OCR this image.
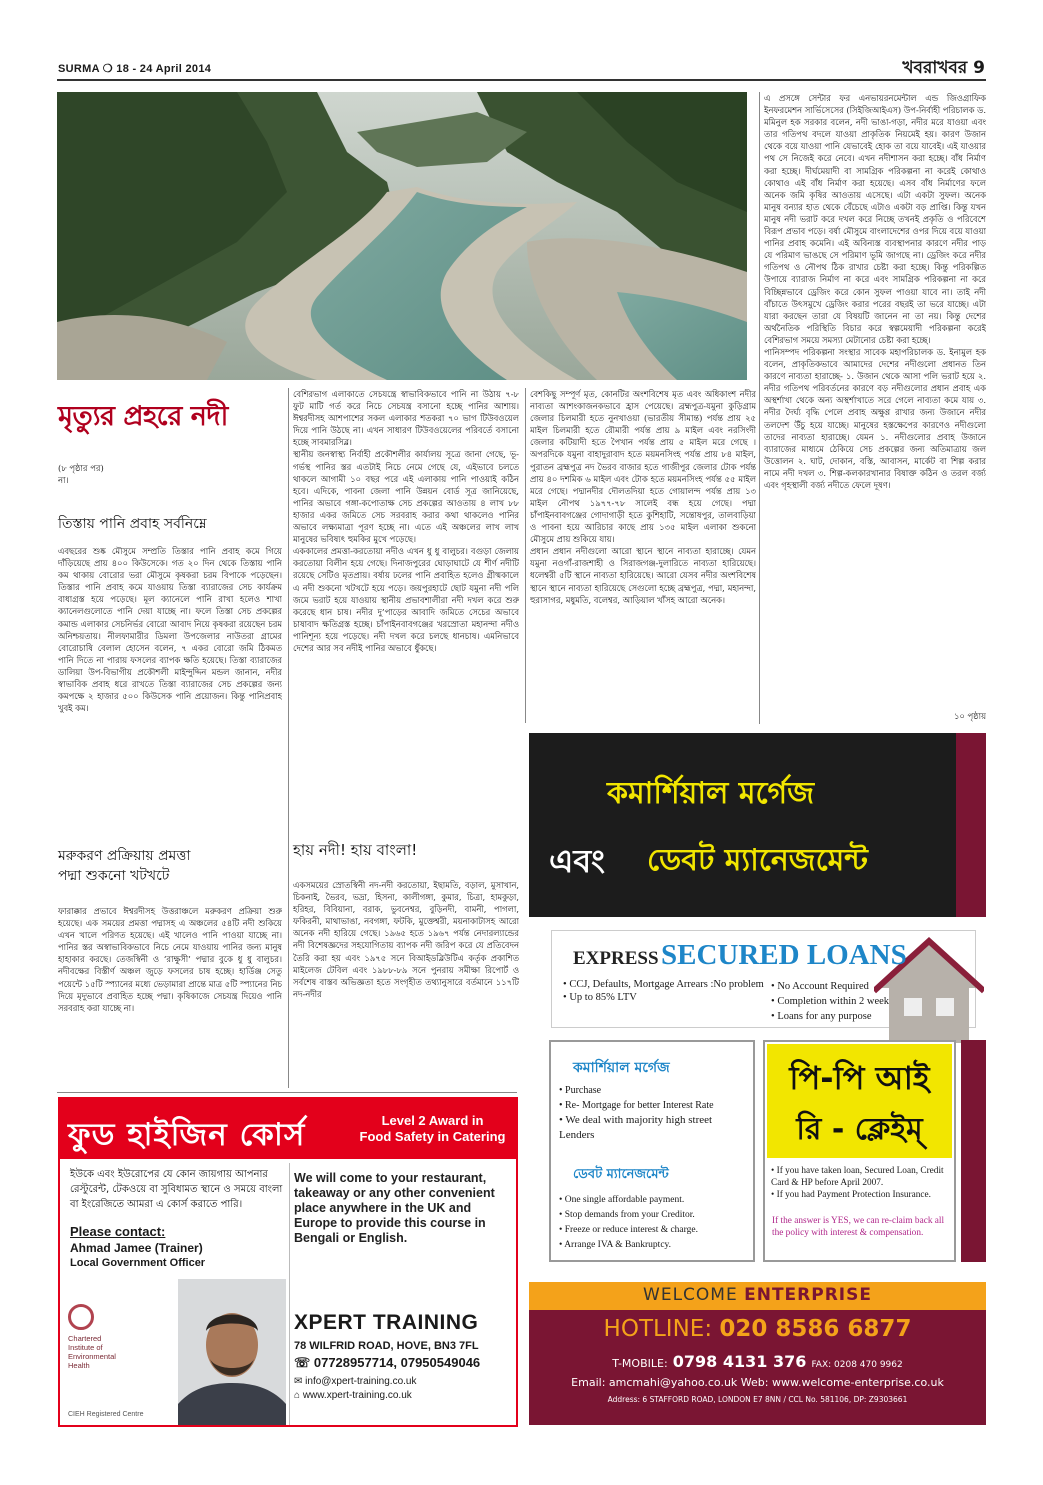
SURMA ❍ 18 - 24 April 2014	খবরাখবর 9
মৃত্যুর প্রহরে নদী
(৮ পৃষ্ঠার পর)
না।
তিস্তায় পানি প্রবাহ সর্বনিম্নে
এবছরের শুষ্ক মৌসুমে সম্প্রতি তিস্তার পানি প্রবাহ কমে গিয়ে দাঁড়িয়েছে প্রায় ৪০০ কিউসেকে। গত ২০ দিন থেকে তিস্তায় পানি কম থাকায় বোরোর ভরা মৌসুমে কৃষকরা চরম বিপাকে পড়েছেন। তিস্তার পানি প্রবাহ কমে যাওয়ায় তিস্তা ব্যারাজের সেচ কার্যক্রম বাধাগ্রস্ত হয়ে পড়েছে। মূল ক্যানেলে পানি রাখা হলেও শাখা ক্যানেলগুলোতে পানি দেয়া যাচ্ছে না। ফলে তিস্তা সেচ প্রকল্পের কমান্ড এলাকার সেচনির্ভর বোরো আবাদ নিয়ে কৃষকরা রয়েছেন চরম অনিশ্চয়তায়। নীলফামারীর ডিমলা উপজেলার নাউতরা গ্রামের বোরোচাষি বেলাল হোসেন বলেন, ৭ একর বোরো জমি ঠিকমত পানি দিতে না পারায় ফসলের ব্যাপক ক্ষতি হয়েছে। তিস্তা ব্যারাজের ডালিয়া উপ-বিভাগীয় প্রকৌশলী মাইন্দুদ্দিন মন্ডল জানান, নদীর স্বাভাবিক প্রবাহ ধরে রাখতে তিস্তা ব্যারাজের সেচ প্রকল্পের জন্য কমপক্ষে ২ হাজার ৫০০ কিউসেক পানি প্রয়োজন। কিন্তু পানিপ্রবাহ খুবই কম।
মরুকরণ প্রক্রিয়ায় প্রমত্তা
পদ্মা শুকনো খটখটে
ফারাক্কার প্রভাবে ঈশ্বরদীসহ উত্তরাঞ্চলে মরুকরণ প্রক্রিয়া শুরু হয়েছে। এক সময়ের প্রমত্তা পদ্মাসহ এ অঞ্চলের ৫৪টি নদী শুকিয়ে এখন খালে পরিণত হয়েছে। এই খালেও পানি পাওয়া যাচ্ছে না। পানির স্তর অস্বাভাবিকভাবে নিচে নেমে যাওয়ায় পানির জন্য মানুষ হাহাকার করছে। তেজস্বিনী ও ‘রাক্ষুসী’ পদ্মার বুকে ধু ধু বালুচর। নদীবক্ষের বিস্তীর্ণ অঞ্চল জুড়ে ফসলের চাষ হচ্ছে। হার্ডিঞ্জ সেতু পয়েন্টে ১৫টি স্প্যানের মধ্যে ভেড়ামারা প্রান্তে মাত্র ৫টি স্প্যানের নিচ দিয়ে মৃদুভাবে প্রবাহিত হচ্ছে পদ্মা। কৃষিকাজে সেচযন্ত্র দিয়েও পানি সরবরাহ করা যাচ্ছে না।
বেশিরভাগ এলাকাতে সেচযন্ত্রে স্বাভাবিকভাবে পানি না উঠায় ৭-৮ ফুট মাটি গর্ত করে নিচে সেচযন্ত্র বসানো হচ্ছে পানির আশায়। ঈশ্বরদীসহ আশপাশের সকল এলাকার শতকরা ৭০ ভাগ টিউবওয়েল দিয়ে পানি উঠছে না। এখন সাধারণ টিউবওয়েলের পরিবর্তে বসানো হচ্ছে সাবমারসিব্ল।
স্থানীয় জনস্বাস্থ্য নির্বাহী প্রকৌশলীর কার্যালয় সূত্রে জানা গেছে, ভূ-গর্ভস্থ পানির স্তর এতটাই নিচে নেমে গেছে যে, এইভাবে চলতে থাকলে আগামী ১০ বছর পরে এই এলাকায় পানি পাওয়াই কঠিন হবে। এদিকে, পাবনা জেলা পানি উন্নয়ন বোর্ড সূত্র জানিয়েছে, পানির অভাবে গঙ্গা-কপোতাক্ষ সেচ প্রকল্পের আওতায় ৪ লাখ ৮৮ হাজার একর জমিতে সেচ সরবরাহ করার কথা থাকলেও পানির অভাবে লক্ষ্যমাত্রা পূরণ হচ্ছে না। এতে এই অঞ্চলের লাখ লাখ মানুষের ভবিষ্যৎ হুমকির মুখে পড়েছে।
এককালের প্রমত্তা-করতোয়া নদীও এখন ধু ধু বালুচর। বগুড়া জেলায় করতোয়া বিলীন হয়ে গেছে। দিনাজপুরের ঘোড়াঘাটে যে শীর্ণ নদীটি রয়েছে সেটিও মৃতপ্রায়। বর্ষায় ঢলের পানি প্রবাহিত হলেও গ্রীষ্মকালে এ নদী শুকনো খটখটে হয়ে পড়ে। জয়পুরহাটে ছোট যমুনা নদী পলি জমে ভরাট হয়ে যাওয়ায় স্থানীয় প্রভাবশালীরা নদী দখল করে শুরু করেছে ধান চাষ। নদীর দু’পাড়ের আবাদি জমিতে সেচের অভাবে চাষাবাদ ক্ষতিগ্রস্ত হচ্ছে। চাঁপাইনবাবগঞ্জের খরস্রোতা মহানন্দা নদীও পানিশূন্য হয়ে পড়েছে। নদী দখল করে চলছে ধানচাষ। এমনিভাবে দেশের আর সব নদীই পানির অভাবে ধুঁকছে।
হায় নদী! হায় বাংলা!
একসময়ের স্রোতস্বিনী নদ-নদী করতোয়া, ইছামতি, বড়াল, মুসাখান, চিকনাই, ভৈরব, ভদ্রা, হিসনা, কালীগঙ্গা, কুমার, চিত্রা, হামকুড়া, হরিহর, বিবিয়ানা, বরাক, ভুবনেশ্বর, বুড়িনদী, বামনী, পাগলা, ফকিরনী, মাথাভাঙা, নবগঙ্গা, ফটকি, মুক্তেশ্বরী, ময়নাকাটাসহ আরো অনেক নদী হারিয়ে গেছে। ১৯৬৫ হতে ১৯৬৭ পর্যন্ত নেদারল্যান্ডের নদী বিশেষজ্ঞদের সহযোগিতায় ব্যাপক নদী জরিপ করে যে প্রতিবেদন তৈরি করা হয় এবং ১৯৭৫ সনে বিআইডব্লিউটিএ কর্তৃক প্রকাশিত মাইলেজ টেবিল এবং ১৯৮৮-৮৯ সনে পুনরায় সমীক্ষা রিপোর্ট ও সর্বশেষ বাস্তব অভিজ্ঞতা হতে সংগৃহীত তথ্যানুসারে বর্তমানে ১১৭টি নদ-নদীর
বেশকিছু সম্পূর্ণ মৃত, কোনটির অংশবিশেষ মৃত এবং অধিকাংশ নদীর নাব্যতা আশংকাজনকভাবে হ্রাস পেয়েছে। ব্রহ্মপুত্র-যমুনা কুড়িগ্রাম জেলার চিলমারী হতে নুনখাওয়া (ভারতীয় সীমান্ত) পর্যন্ত প্রায় ২৫ মাইল চিলমারী হতে রৌমারী পর্যন্ত প্রায় ৯ মাইল এবং নরসিংদী জেলার কটিয়াদী হতে পৈখান পর্যন্ত প্রায় ৫ মাইল মরে গেছে । অপরদিকে যমুনা বাহাদুরাবাদ হতে ময়মনসিংহ পর্যন্ত প্রায় ৮৪ মাইল, পুরাতন ব্রহ্মপুত্র নদ ভৈরব বাজার হতে গাজীপুর জেলার টোক পর্যন্ত প্রায় ৪০ দশমিক ৬ মাইল এবং টোক হতে ময়মনসিংহ পর্যন্ত ৫৫ মাইল মরে গেছে। পদ্মানদীর দৌলতদিয়া হতে গোয়ালন্দ পর্যন্ত প্রায় ১৩ মাইল নৌপথ ১৯৭৭-৭৮ সালেই বন্ধ হয়ে গেছে। পদ্মা চাঁপাইনবাবগঞ্জের গোদাগাড়ী হতে কুশিহাটি, সন্তোষপুর, তালবাড়িয়া ও পাবনা হয়ে আরিচার কাছে প্রায় ১৩৫ মাইল এলাকা শুকনো মৌসুমে প্রায় শুকিয়ে যায়।
প্রধান প্রধান নদীগুলো আরো স্থানে স্থানে নাব্যতা হারাচ্ছে। যেমন যমুনা নওগাঁ-রাজশাহী ও সিরাজগঞ্জ-দুলারিতে নাব্যতা হারিয়েছে। ধলেশ্বরী ৫টি স্থানে নাব্যতা হারিয়েছে। আরো যেসব নদীর অংশবিশেষ স্থানে স্থানে নাব্যতা হারিয়েছে সেগুলো হচ্ছে ব্রহ্মপুত্র, পদ্মা, মহানন্দা, হুরাসাগর, মধুমতি, বলেশ্বর, আড়িয়াল খাঁসহ আরো অনেক।
এ প্রসঙ্গে সেন্টার ফর এনভায়রনমেন্টাল এন্ড জিওগ্রাফিক ইনফরমেশন সার্ভিসেসের (সিইজিআইএস) উপ-নির্বাহী পরিচালক ড. মমিনুল হক সরকার বলেন, নদী ভাঙা-গড়া, নদীর মরে যাওয়া এবং তার গতিপথ বদলে যাওয়া প্রাকৃতিক নিয়মেই হয়। কারণ উজান থেকে বয়ে যাওয়া পানি যেভাবেই হোক তা বয়ে যাবেই। এই যাওয়ার পথ সে নিজেই করে নেবে। এখন নদীশাসন করা হচ্ছে। বাঁধ নির্মাণ করা হচ্ছে। দীর্ঘমেয়াদী বা সামগ্রিক পরিকল্পনা না করেই কোথাও কোথাও এই বাঁধ নির্মাণ করা হয়েছে। এসব বাঁধ নির্মাণের ফলে অনেক জমি কৃষির আওতায় এসেছে। এটা একটা সুফল। অনেক মানুষ বন্যার হাত থেকে বেঁচেছে এটাও একটা বড় প্রাপ্তি। কিন্তু যখন মানুষ নদী ভরাট করে দখল করে নিচ্ছে তখনই প্রকৃতি ও পরিবেশে বিরূপ প্রভাব পড়ে। বর্ষা মৌসুমে বাংলাদেশের ওপর দিয়ে বয়ে যাওয়া পানির প্রবাহ কমেনি। এই অবিন্যস্ত ব্যবস্থাপনার কারণে নদীর পাড় যে পরিমাণ ভাঙছে সে পরিমাণ ভূমি জাগছে না। ড্রেজিং করে নদীর গতিপথ ও নৌপথ ঠিক রাখার চেষ্টা করা হচ্ছে। কিন্তু পরিকল্পিত উপায়ে ব্যারাজ নির্মাণ না করে এবং সামগ্রিক পরিকল্পনা না করে বিচ্ছিন্নভাবে ড্রেজিং করে কোন সুফল পাওয়া যাবে না। তাই নদী বাঁচাতে উৎসমুখে ড্রেজিং করার পরের বছরই তা ভরে যাচ্ছে। এটা যারা করছেন তারা যে বিষয়টি জানেন না তা নয়। কিন্তু দেশের অর্থনৈতিক পরিস্থিতি বিচার করে স্বল্পমেয়াদী পরিকল্পনা করেই বেশিরভাগ সময়ে সমস্যা মেটানোর চেষ্টা করা হচ্ছে।
পানিসম্পদ পরিকল্পনা সংস্থার সাবেক মহাপরিচালক ড. ইনামুল হক বলেন, প্রাকৃতিকভাবে আমাদের দেশের নদীগুলো প্রধানত তিন কারণে নাব্যতা হারাচ্ছে- ১. উজান থেকে আসা পলি ভরাট হয়ে ২. নদীর গতিপথ পরিবর্তনের কারণে বড় নদীগুলোর প্রধান প্রবাহ এক অস্থর্শাখা থেকে অন্য অস্থর্শাখাতে সরে গেলে নাব্যতা কমে যায় ৩. নদীর দৈর্ঘ্য বৃদ্ধি পেলে প্রবাহ অক্ষুণ্ণ রাখার জন্য উজানে নদীর তলদেশ উঁচু হয়ে যাচ্ছে। মানুষের হস্তক্ষেপের কারণেও নদীগুলো তাদের নাব্যতা হারাচ্ছে। যেমন ১. নদীগুলোর প্রবাহ উজানে ব্যারাজের মাধ্যমে ঠেকিয়ে সেচ প্রকল্পের জন্য অতিমাত্রায় জল উত্তোলন ২. ঘাট, দোকান, বস্তি, আবাসন, মার্কেট বা শিল্প করার নামে নদী দখল ৩. শিল্প-কলকারখানার বিষাক্ত কঠিন ও তরল বর্জ্য এবং গৃহস্থালী বর্জ্য নদীতে ফেলে দূষণ।
১০ পৃষ্ঠায়
ফুড হাইজিন কোর্স	Level 2 Award in
Food Safety in Catering
ইউকে এবং ইউরোপের যে কোন জায়গায় আপনার রেস্টুরেন্ট, টেকওয়ে বা সুবিধামত স্থানে ও সময়ে বাংলা বা ইংরেজিতে আমরা এ কোর্স করাতে পারি।
Please contact:
Ahmad Jamee (Trainer)
Local Government Officer
Chartered
Institute of
Environmental
Health
CIEH Registered Centre
We will come to your restaurant, takeaway or any other convenient place anywhere in the UK and Europe to provide this course in Bengali or English.
XPERT TRAINING
78 WILFRID ROAD, HOVE, BN3 7FL
☏ 07728957714, 07950549046
✉ info@xpert-training.co.uk
⌂ www.xpert-training.co.uk
কমার্শিয়াল মর্গেজ
এবং ডেবট ম্যানেজমেন্ট
EXPRESS SECURED LOANS
• CCJ, Defaults, Mortgage Arrears :No problem
• Up to 85% LTV
• No Account Required
• Completion within 2 week
• Loans for any purpose
কমার্শিয়াল মর্গেজ
• Purchase
• Re- Mortgage for better Interest Rate
• We deal with majority high street Lenders
ডেবট ম্যানেজমেন্ট
• One single affordable payment.
• Stop demands from your Creditor.
• Freeze or reduce interest & charge.
• Arrange IVA & Bankruptcy.
পি-পি আই
রি - ক্লেইম্
• If you have taken loan, Secured Loan, Credit Card & HP before April 2007.
• If you had Payment Protection Insurance.
If the answer is YES, we can re-claim back all the policy with interest & compensation.
WELCOME ENTERPRISE
HOTLINE: 020 8586 6877
T-MOBILE: 0798 4131 376 FAX: 0208 470 9962
Email: amcmahi@yahoo.co.uk Web: www.welcome-enterprise.co.uk
Address: 6 STAFFORD ROAD, LONDON E7 8NN / CCL No. 581106, DP: Z9303661
